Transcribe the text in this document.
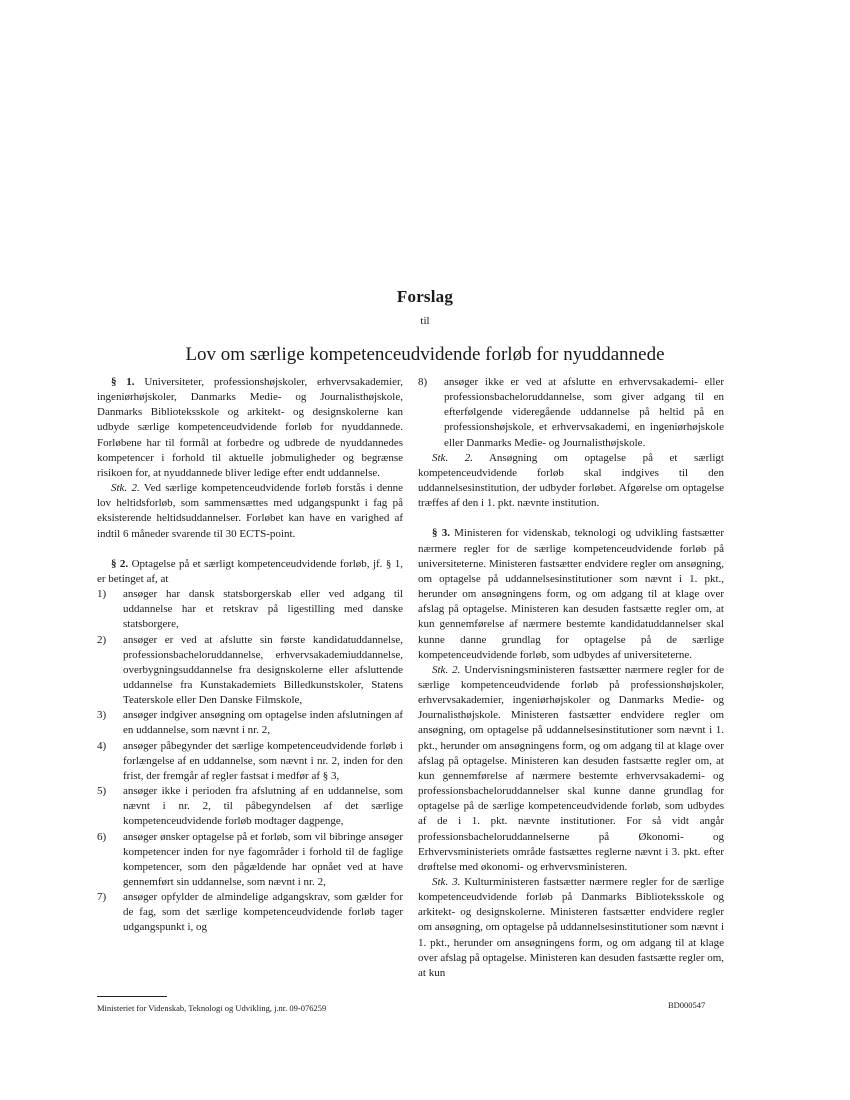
Forslag
til
Lov om særlige kompetenceudvidende forløb for nyuddannede

§ 1. Universiteter, professionshøjskoler, erhvervsakademier, ingeniørhøjskoler, Danmarks Medie- og Journalisthøjskole, Danmarks Biblioteksskole og arkitekt- og designskolerne kan udbyde særlige kompetenceudvidende forløb for nyuddannede. Forløbene har til formål at forbedre og udbrede de nyuddannedes kompetencer i forhold til aktuelle jobmuligheder og begrænse risikoen for, at nyuddannede bliver ledige efter endt uddannelse.

Stk. 2. Ved særlige kompetenceudvidende forløb forstås i denne lov heltidsforløb, som sammensættes med udgangspunkt i fag på eksisterende heltidsuddannelser. Forløbet kan have en varighed af indtil 6 måneder svarende til 30 ECTS-point.

§ 2. Optagelse på et særligt kompetenceudvidende forløb, jf. § 1, er betinget af, at

1) ansøger har dansk statsborgerskab eller ved adgang til uddannelse har et retskrav på ligestilling med danske statsborgere,

2) ansøger er ved at afslutte sin første kandidatuddannelse, professionsbacheloruddannelse, erhvervsakademiuddannelse, overbygningsuddannelse fra designskolerne eller afsluttende uddannelse fra Kunstakademiets Billedkunstskoler, Statens Teaterskole eller Den Danske Filmskole,

3) ansøger indgiver ansøgning om optagelse inden afslutningen af en uddannelse, som nævnt i nr. 2,

4) ansøger påbegynder det særlige kompetenceudvidende forløb i forlængelse af en uddannelse, som nævnt i nr. 2, inden for den frist, der fremgår af regler fastsat i medfør af § 3,

5) ansøger ikke i perioden fra afslutning af en uddannelse, som nævnt i nr. 2, til påbegyndelsen af det særlige kompetenceudvidende forløb modtager dagpenge,

6) ansøger ønsker optagelse på et forløb, som vil bibringe ansøger kompetencer inden for nye fagområder i forhold til de faglige kompetencer, som den pågældende har opnået ved at have gennemført sin uddannelse, som nævnt i nr. 2,

7) ansøger opfylder de almindelige adgangskrav, som gælder for de fag, som det særlige kompetenceudvidende forløb tager udgangspunkt i, og

8) ansøger ikke er ved at afslutte en erhvervsakademi- eller professionsbacheloruddannelse, som giver adgang til en efterfølgende videregående uddannelse på heltid på en professionshøjskole, et erhvervsakademi, en ingeniørhøjskole eller Danmarks Medie- og Journalisthøjskole.

Stk. 2. Ansøgning om optagelse på et særligt kompetenceudvidende forløb skal indgives til den uddannelsesinstitution, der udbyder forløbet. Afgørelse om optagelse træffes af den i 1. pkt. nævnte institution.

§ 3. Ministeren for videnskab, teknologi og udvikling fastsætter nærmere regler for de særlige kompetenceudvidende forløb på universiteterne. Ministeren fastsætter endvidere regler om ansøgning, om optagelse på uddannelsesinstitutioner som nævnt i 1. pkt., herunder om ansøgningens form, og om adgang til at klage over afslag på optagelse. Ministeren kan desuden fastsætte regler om, at kun gennemførelse af nærmere bestemte kandidatuddannelser skal kunne danne grundlag for optagelse på de særlige kompetenceudvidende forløb, som udbydes af universiteterne.

Stk. 2. Undervisningsministeren fastsætter nærmere regler for de særlige kompetenceudvidende forløb på professionshøjskoler, erhvervsakademier, ingeniørhøjskoler og Danmarks Medie- og Journalisthøjskole. Ministeren fastsætter endvidere regler om ansøgning, om optagelse på uddannelsesinstitutioner som nævnt i 1. pkt., herunder om ansøgningens form, og om adgang til at klage over afslag på optagelse. Ministeren kan desuden fastsætte regler om, at kun gennemførelse af nærmere bestemte erhvervsakademi- og professionsbacheloruddannelser skal kunne danne grundlag for optagelse på de særlige kompetenceudvidende forløb, som udbydes af de i 1. pkt. nævnte institutioner. For så vidt angår professionsbacheloruddannelserne på Økonomi- og Erhvervsministeriets område fastsættes reglerne nævnt i 3. pkt. efter drøftelse med økonomi- og erhvervsministeren.

Stk. 3. Kulturministeren fastsætter nærmere regler for de særlige kompetenceudvidende forløb på Danmarks Biblioteksskole og arkitekt- og designskolerne. Ministeren fastsætter endvidere regler om ansøgning, om optagelse på uddannelsesinstitutioner som nævnt i 1. pkt., herunder om ansøgningens form, og om adgang til at klage over afslag på optagelse. Ministeren kan desuden fastsætte regler om, at kun

Ministeriet for Videnskab, Teknologi og Udvikling, j.nr. 09-076259	BD000547
